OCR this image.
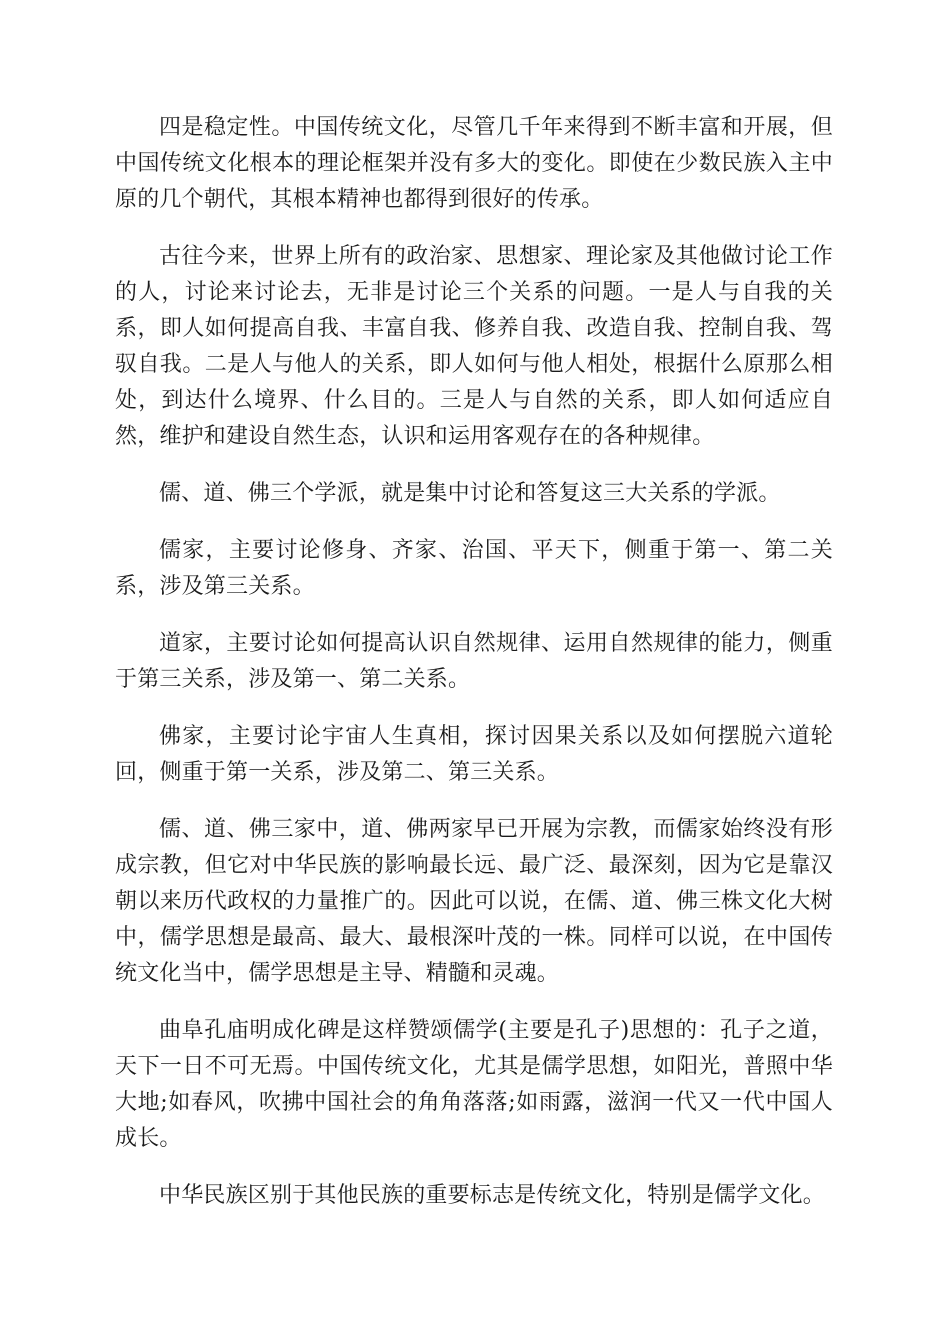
四是稳定性。中国传统文化，尽管几千年来得到不断丰富和开展，但中国传统文化根本的理论框架并没有多大的变化。即使在少数民族入主中原的几个朝代，其根本精神也都得到很好的传承。

古往今来，世界上所有的政治家、思想家、理论家及其他做讨论工作的人，讨论来讨论去，无非是讨论三个关系的问题。一是人与自我的关系，即人如何提高自我、丰富自我、修养自我、改造自我、控制自我、驾驭自我。二是人与他人的关系，即人如何与他人相处，根据什么原那么相处，到达什么境界、什么目的。三是人与自然的关系，即人如何适应自然，维护和建设自然生态，认识和运用客观存在的各种规律。

儒、道、佛三个学派，就是集中讨论和答复这三大关系的学派。

儒家，主要讨论修身、齐家、治国、平天下，侧重于第一、第二关系，涉及第三关系。

道家，主要讨论如何提高认识自然规律、运用自然规律的能力，侧重于第三关系，涉及第一、第二关系。

佛家，主要讨论宇宙人生真相，探讨因果关系以及如何摆脱六道轮回，侧重于第一关系，涉及第二、第三关系。

儒、道、佛三家中，道、佛两家早已开展为宗教，而儒家始终没有形成宗教，但它对中华民族的影响最长远、最广泛、最深刻，因为它是靠汉朝以来历代政权的力量推广的。因此可以说，在儒、道、佛三株文化大树中，儒学思想是最高、最大、最根深叶茂的一株。同样可以说，在中国传统文化当中，儒学思想是主导、精髓和灵魂。

曲阜孔庙明成化碑是这样赞颂儒学(主要是孔子)思想的：孔子之道，天下一日不可无焉。中国传统文化，尤其是儒学思想，如阳光，普照中华大地;如春风，吹拂中国社会的角角落落;如雨露，滋润一代又一代中国人成长。

中华民族区别于其他民族的重要标志是传统文化，特别是儒学文化。
